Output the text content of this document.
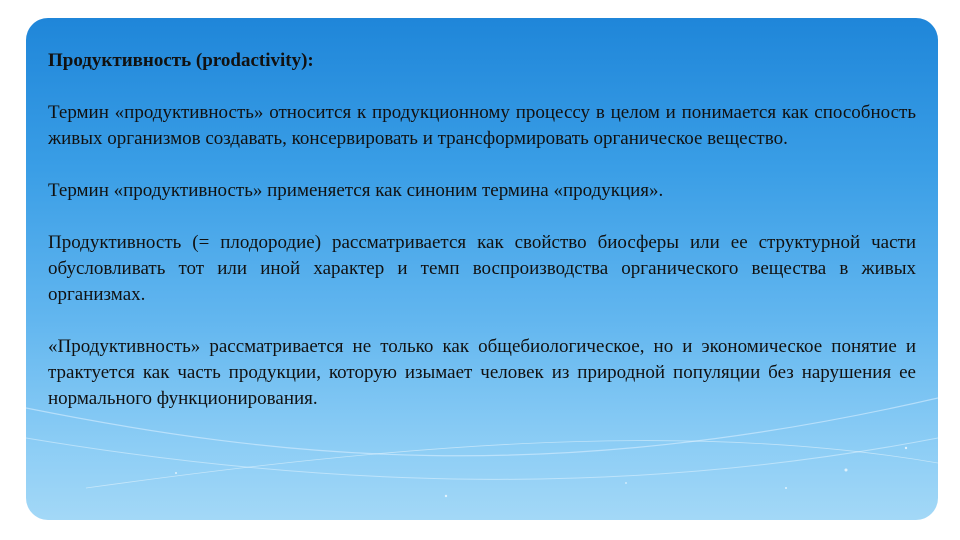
Продуктивность (prodactivity):
Термин «продуктивность» относится к продукционному процессу в целом и понимается как способность живых организмов создавать, консервировать и трансформировать органическое вещество.
Термин «продуктивность» применяется как синоним термина «продукция».
Продуктивность (= плодородие) рассматривается как свойство биосферы или ее структурной части обусловливать тот или иной характер и темп воспроизводства органического вещества в живых организмах.
«Продуктивность» рассматривается не только как общебиологическое, но и экономическое понятие и трактуется как часть продукции, которую изымает человек из природной популяции без нарушения ее нормального функционирования.
